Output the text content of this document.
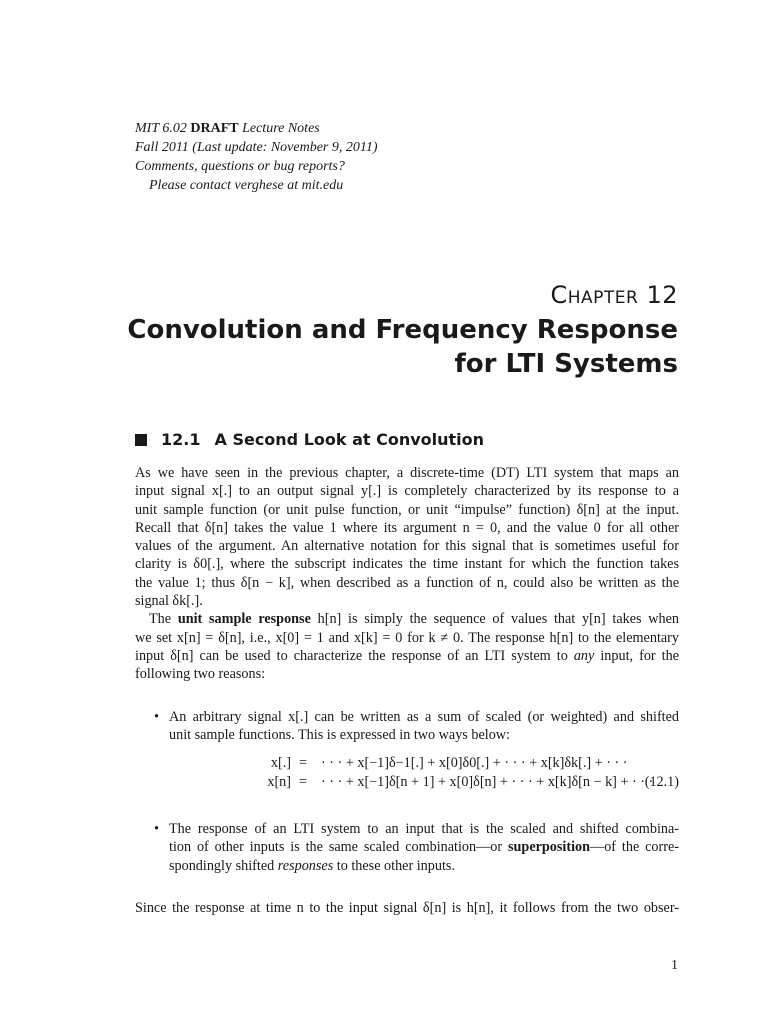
MIT 6.02 DRAFT Lecture Notes
Fall 2011 (Last update: November 9, 2011)
Comments, questions or bug reports?
Please contact verghese at mit.edu
Chapter 12
Convolution and Frequency Response
for LTI Systems
12.1 A Second Look at Convolution
As we have seen in the previous chapter, a discrete-time (DT) LTI system that maps an
input signal x[.] to an output signal y[.] is completely characterized by its response to a
unit sample function (or unit pulse function, or unit “impulse” function) δ[n] at the input.
Recall that δ[n] takes the value 1 where its argument n = 0, and the value 0 for all other
values of the argument. An alternative notation for this signal that is sometimes useful for
clarity is δ0[.], where the subscript indicates the time instant for which the function takes
the value 1; thus δ[n − k], when described as a function of n, could also be written as the
signal δk[.].
The unit sample response h[n] is simply the sequence of values that y[n] takes when
we set x[n] = δ[n], i.e., x[0] = 1 and x[k] = 0 for k ≠ 0. The response h[n] to the elementary
input δ[n] can be used to characterize the response of an LTI system to any input, for the
following two reasons:
• An arbitrary signal x[.] can be written as a sum of scaled (or weighted) and shifted
unit sample functions. This is expressed in two ways below:
x[.] = · · · + x[−1]δ−1[.] + x[0]δ0[.] + · · · + x[k]δk[.] + · · ·
x[n] = · · · + x[−1]δ[n + 1] + x[0]δ[n] + · · · + x[k]δ[n − k] + · · ·
(12.1)
• The response of an LTI system to an input that is the scaled and shifted combina-
tion of other inputs is the same scaled combination—or superposition—of the corre-
spondingly shifted responses to these other inputs.
Since the response at time n to the input signal δ[n] is h[n], it follows from the two obser-
1
